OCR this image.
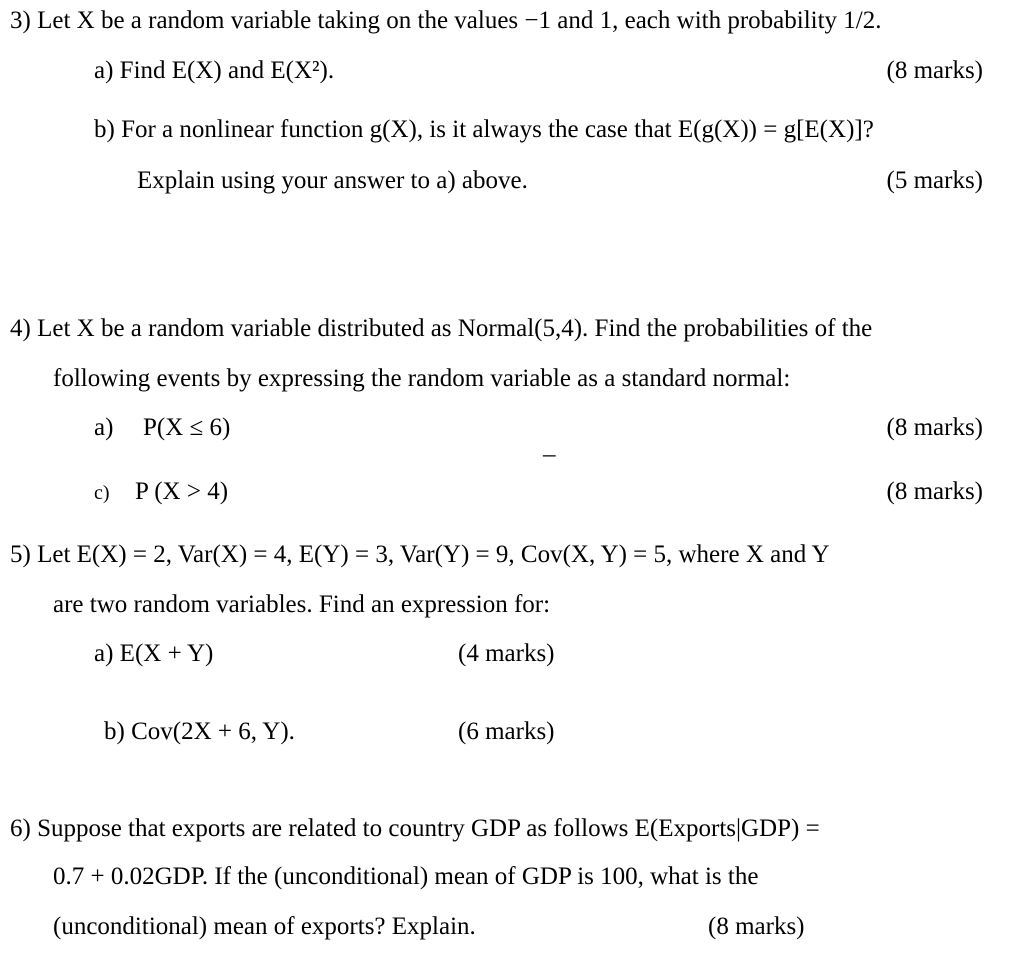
3) Let X be a random variable taking on the values −1 and 1, each with probability 1/2.
a) Find E(X) and E(X²).	(8 marks)
b) For a nonlinear function g(X), is it always the case that E(g(X)) = g[E(X)]?
Explain using your answer to a) above.	(5 marks)
4) Let X be a random variable distributed as Normal(5,4). Find the probabilities of the
following events by expressing the random variable as a standard normal:
a) P(X ≤ 6)	(8 marks)
–
c) P (X > 4)	(8 marks)
5) Let E(X) = 2, Var(X) = 4, E(Y) = 3, Var(Y) = 9, Cov(X, Y) = 5, where X and Y
are two random variables. Find an expression for:
a) E(X + Y)	(4 marks)
b) Cov(2X + 6, Y).	(6 marks)
6) Suppose that exports are related to country GDP as follows E(Exports|GDP) =
0.7 + 0.02GDP. If the (unconditional) mean of GDP is 100, what is the
(unconditional) mean of exports? Explain.	(8 marks)
